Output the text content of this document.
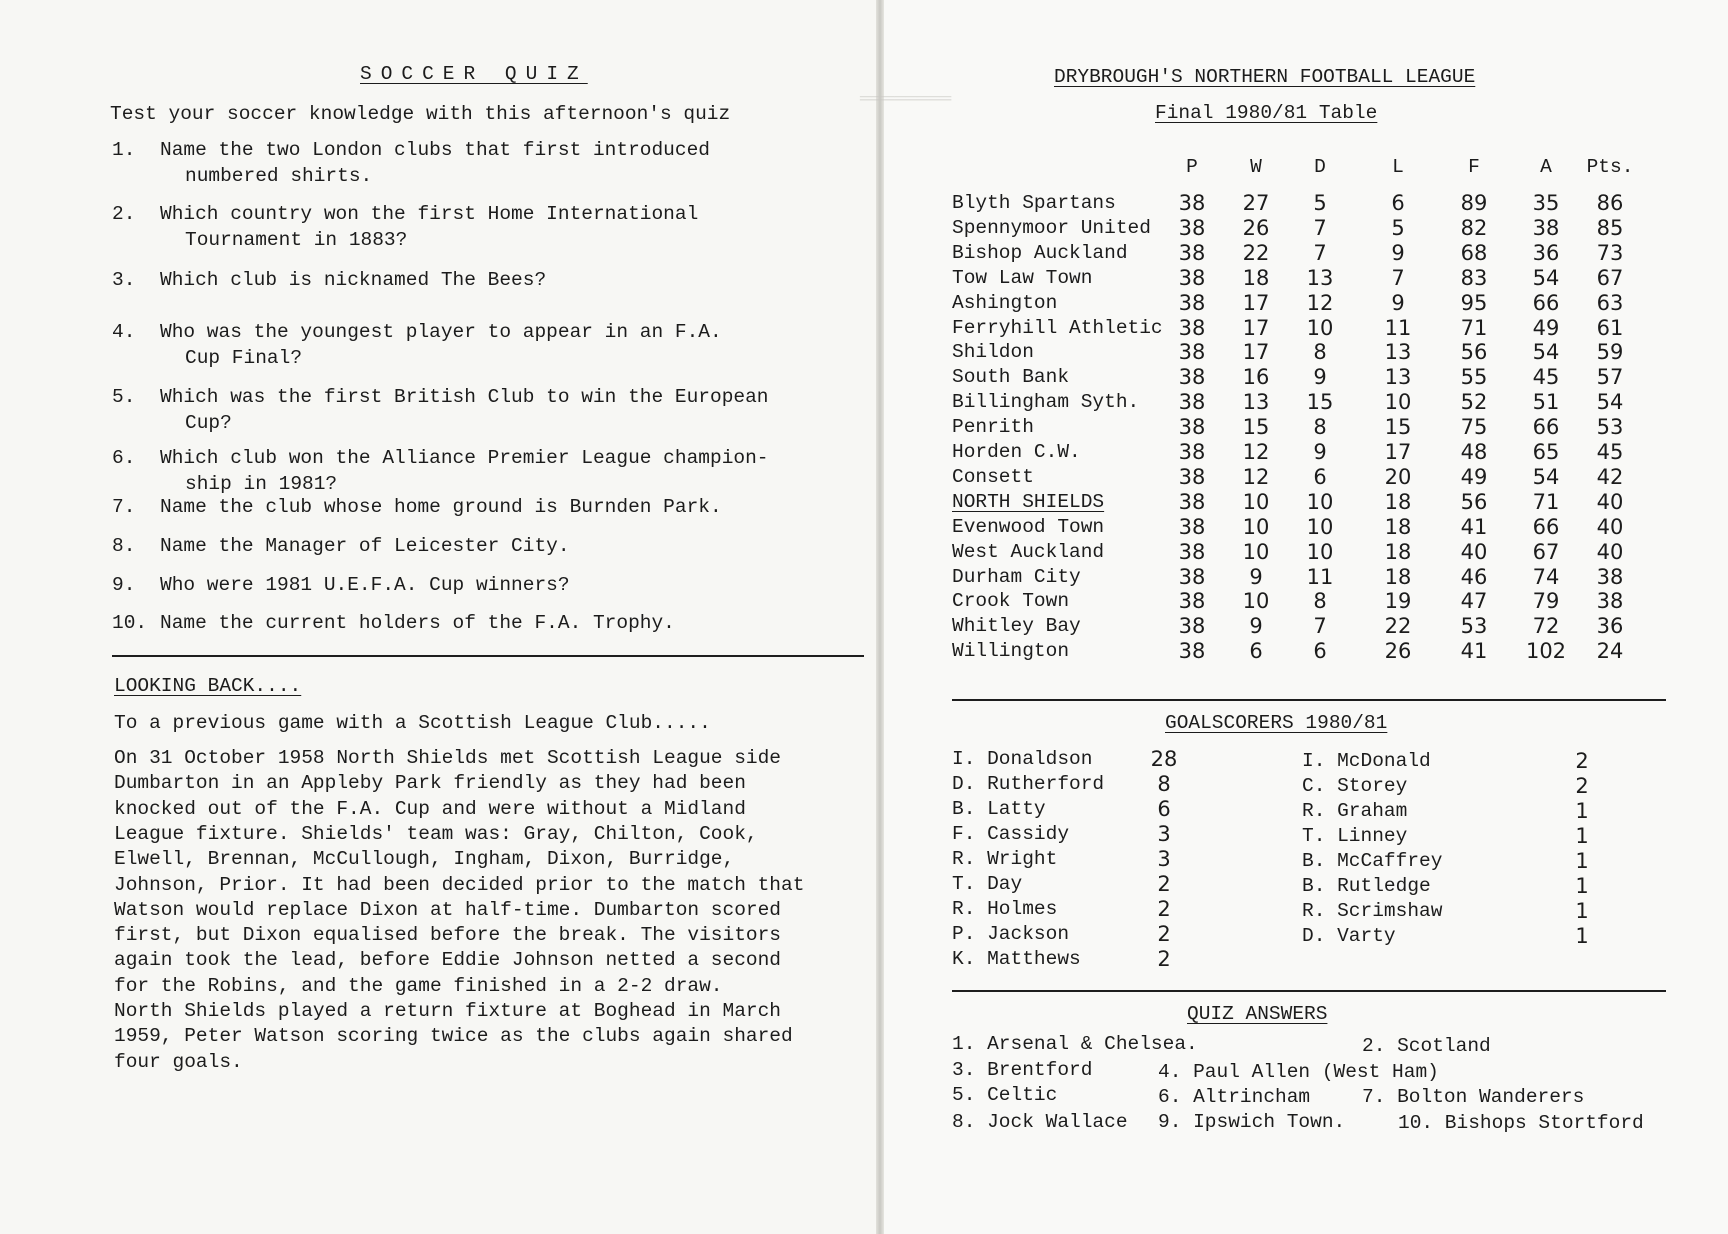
════════
SOCCER QUIZ
Test your soccer knowledge with this afternoon's quiz
1. Name the two London clubs that first introduced
numbered shirts.
2. Which country won the first Home International
Tournament in 1883?
3. Which club is nicknamed The Bees?
4. Who was the youngest player to appear in an F.A.
Cup Final?
5. Which was the first British Club to win the European
Cup?
6. Which club won the Alliance Premier League champion-
ship in 1981?
7. Name the club whose home ground is Burnden Park.
8. Name the Manager of Leicester City.
9. Who were 1981 U.E.F.A. Cup winners?
10. Name the current holders of the F.A. Trophy.
LOOKING BACK....
To a previous game with a Scottish League Club.....
On 31 October 1958 North Shields met Scottish League side
Dumbarton in an Appleby Park friendly as they had been
knocked out of the F.A. Cup and were without a Midland
League fixture. Shields' team was: Gray, Chilton, Cook,
Elwell, Brennan, McCullough, Ingham, Dixon, Burridge,
Johnson, Prior. It had been decided prior to the match that
Watson would replace Dixon at half-time. Dumbarton scored
first, but Dixon equalised before the break. The visitors
again took the lead, before Eddie Johnson netted a second
for the Robins, and the game finished in a 2-2 draw.
North Shields played a return fixture at Boghead in March
1959, Peter Watson scoring twice as the clubs again shared
four goals.
DRYBROUGH'S NORTHERN FOOTBALL LEAGUE
Final 1980/81 Table
P	W	D	L	F	A	Pts.
Blyth Spartans	38	27	5	6	89	35	86
Spennymoor United	38	26	7	5	82	38	85
Bishop Auckland	38	22	7	9	68	36	73
Tow Law Town	38	18	13	7	83	54	67
Ashington	38	17	12	9	95	66	63
Ferryhill Athletic 38	17	10	11	71	49	61
Shildon	38	17	8	13	56	54	59
South Bank	38	16	9	13	55	45	57
Billingham Syth.	38	13	15	10	52	51	54
Penrith	38	15	8	15	75	66	53
Horden C.W.	38	12	9	17	48	65	45
Consett	38	12	6	20	49	54	42
NORTH SHIELDS	38	10	10	18	56	71	40
Evenwood Town	38	10	10	18	41	66	40
West Auckland	38	10	10	18	40	67	40
Durham City	38	9	11	18	46	74	38
Crook Town	38	10	8	19	47	79	38
Whitley Bay	38	9	7	22	53	72	36
Willington	38	6	6	26	41	102	24
GOALSCORERS 1980/81
I. Donaldson	28
D. Rutherford	8
B. Latty	6
F. Cassidy	3
R. Wright	3
T. Day	2
R. Holmes	2
P. Jackson	2
K. Matthews	2
I. McDonald	2
C. Storey	2
R. Graham	1
T. Linney	1
B. McCaffrey	1
B. Rutledge	1
R. Scrimshaw	1
D. Varty	1
QUIZ ANSWERS
1. Arsenal & Chelsea.	2. Scotland
3. Brentford	4. Paul Allen (West Ham)
5. Celtic	6. Altrincham	7. Bolton Wanderers
8. Jock Wallace 9. Ipswich Town.	10. Bishops Stortford
